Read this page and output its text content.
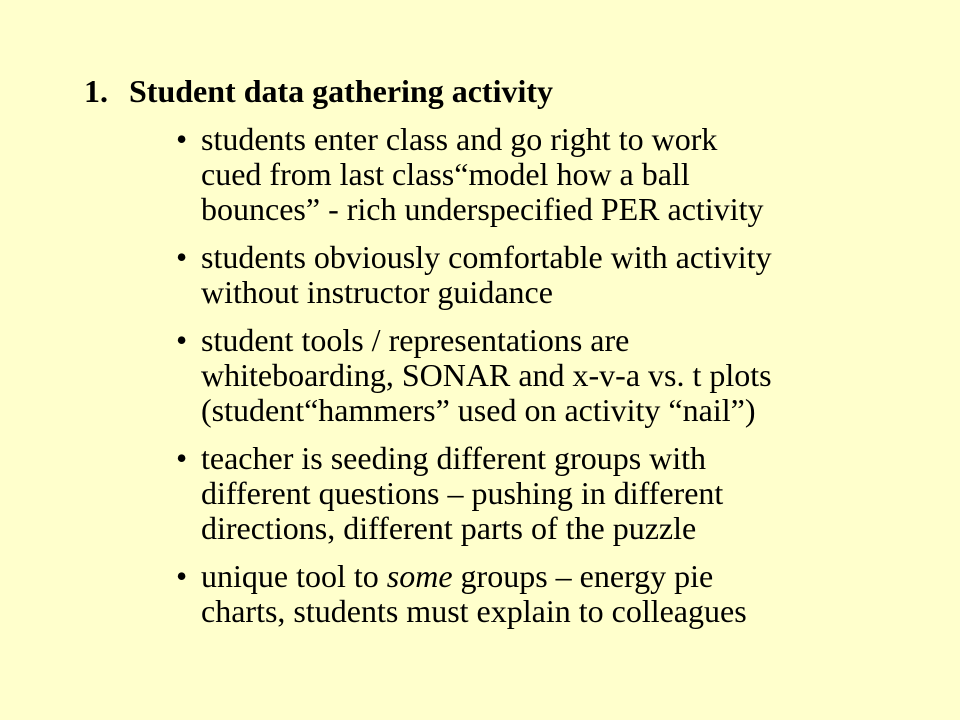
1. Student data gathering activity
• students enter class and go right to work
cued from last class“model how a ball
bounces” - rich underspecified PER activity
• students obviously comfortable with activity
without instructor guidance
• student tools / representations are
whiteboarding, SONAR and x-v-a vs. t plots
(student“hammers” used on activity “nail”)
• teacher is seeding different groups with
different questions – pushing in different
directions, different parts of the puzzle
• unique tool to some groups – energy pie
charts, students must explain to colleagues
